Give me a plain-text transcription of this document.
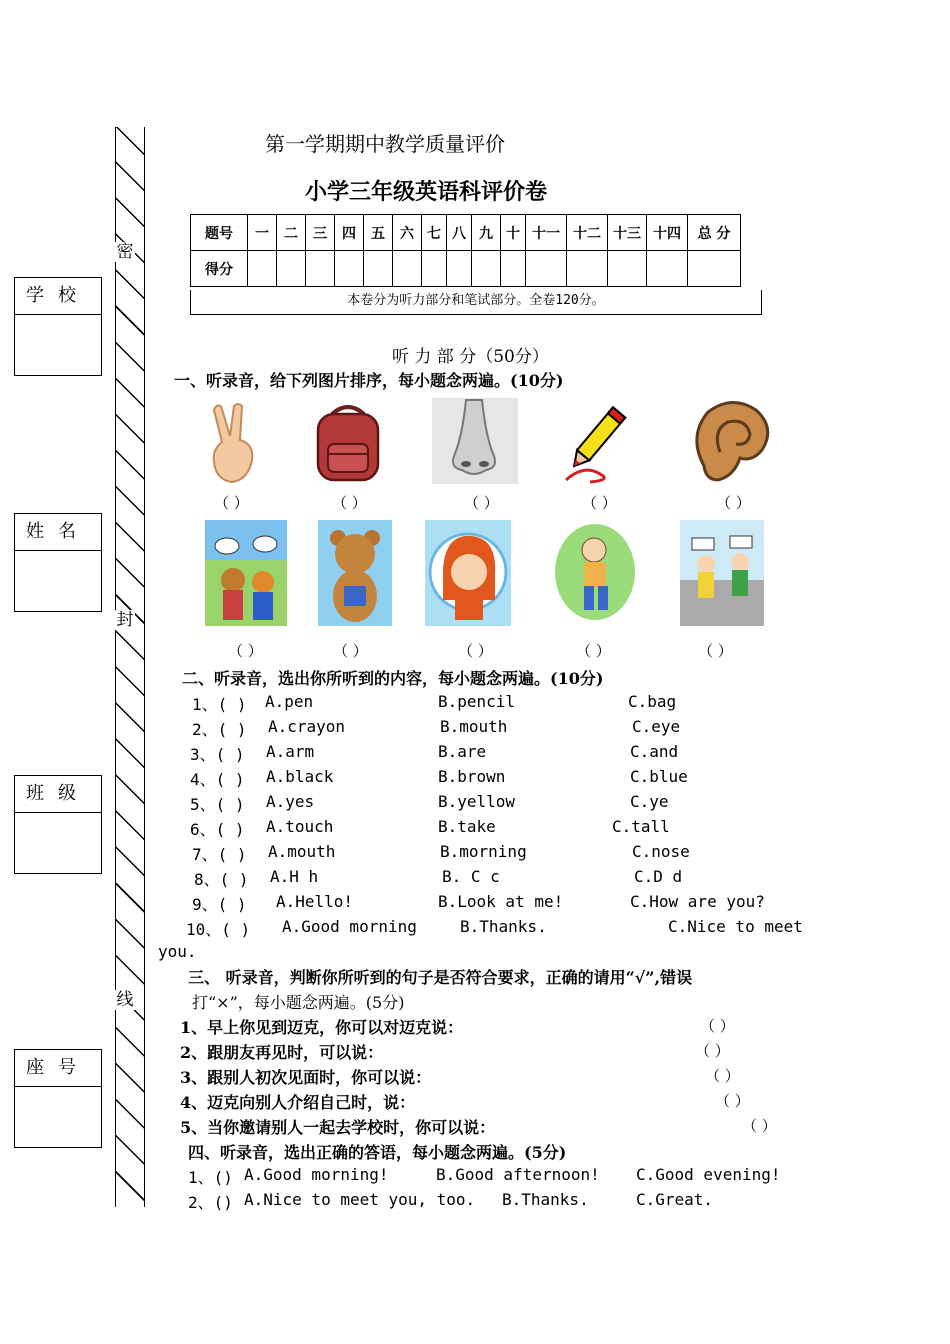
学校
姓名
班级
座号
密
封
线
第一学期期中教学质量评价
小学三年级英语科评价卷
题号	一	二	三	四	五	六	七	八	九	十	十一	十二	十三	十四	总 分
得分															
本卷分为听力部分和笔试部分。全卷120分。
听 力 部 分（50分）
一、听录音，给下列图片排序，每小题念两遍。(10分)
（ ）	（ ）	（ ）	（ ）	（ ）
（ ）	（ ）	（ ）	（ ）	（ ）
二、听录音，选出你所听到的内容，每小题念两遍。(10分)
1、( ) A.pen	B.pencil	C.bag
2、( ) A.crayon	B.mouth	C.eye
3、( ) A.arm	B.are	C.and
4、( ) A.black	B.brown	C.blue
5、( ) A.yes	B.yellow	C.ye
6、( ) A.touch	B.take	C.tall
7、( ) A.mouth	B.morning	C.nose
8、( ) A.H h	B. C c	C.D d
9、( ) A.Hello!	B.Look at me!	C.How are you?
10、( ) A.Good morning	B.Thanks.	C.Nice to meet
you.
三、 听录音，判断你所听到的句子是否符合要求，正确的请用“√”,错误
打“×”，每小题念两遍。(5分)
1、早上你见到迈克，你可以对迈克说：	（ ）
2、跟朋友再见时，可以说：	（ ）
3、跟别人初次见面时，你可以说：	（ ）
4、迈克向别人介绍自己时，说：	（ ）
5、当你邀请别人一起去学校时，你可以说：	（ ）
四、听录音，选出正确的答语，每小题念两遍。(5分)
1、() A.Good morning!	B.Good afternoon! C.Good evening!
2、() A.Nice to meet you, too. B.Thanks.	C.Great.
